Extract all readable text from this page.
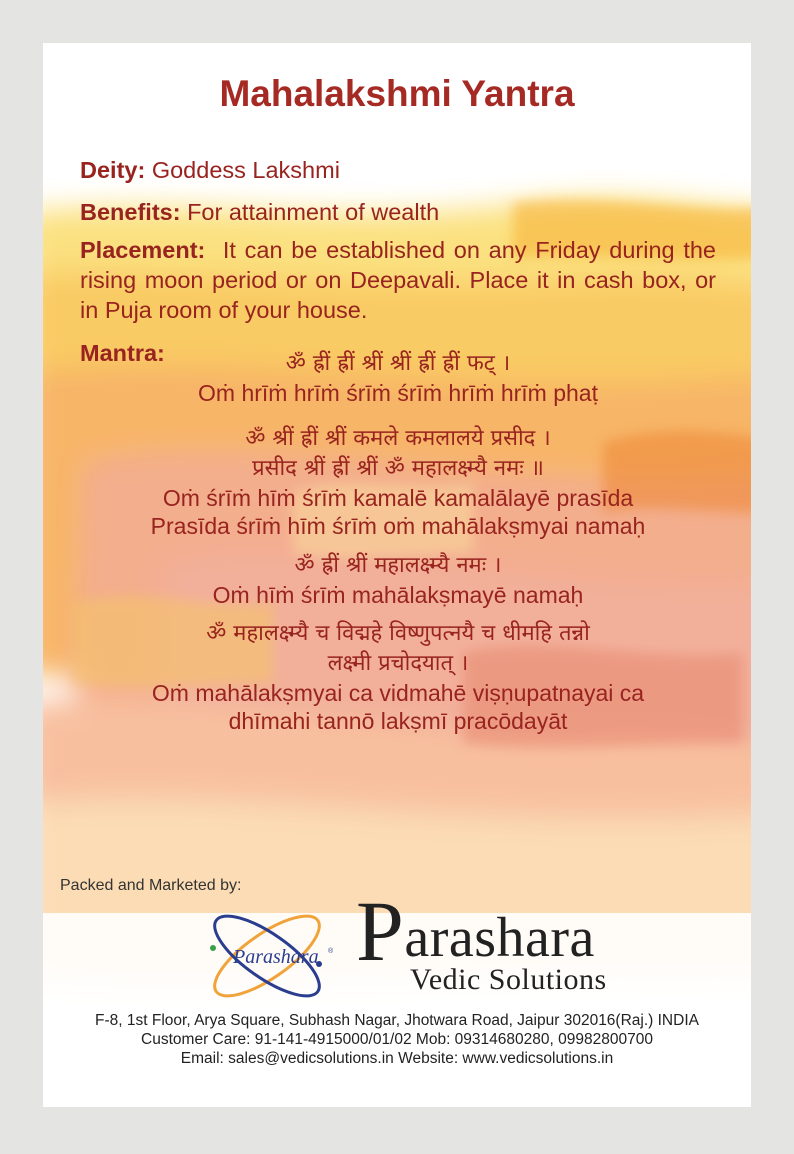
Mahalakshmi Yantra
Deity: Goddess Lakshmi
Benefits: For attainment of wealth
Placement: It can be established on any Friday during the rising moon period or on Deepavali. Place it in cash box, or in Puja room of your house.
Mantra:	ॐ ह्रीं ह्रीं श्रीं श्रीं ह्रीं ह्रीं फट् ।
Oṁ hrīṁ hrīṁ śrīṁ śrīṁ hrīṁ hrīṁ phaṭ
ॐ श्रीं ह्रीं श्रीं कमले कमलालये प्रसीद ।
प्रसीद श्रीं ह्रीं श्रीं ॐ महालक्ष्म्यै नमः ॥
Oṁ śrīṁ hīṁ śrīṁ kamalē kamalālayē prasīda
Prasīda śrīṁ hīṁ śrīṁ oṁ mahālakṣmyai namaḥ
ॐ ह्रीं श्रीं महालक्ष्म्यै नमः ।
Oṁ hīṁ śrīṁ mahālakṣmayē namaḥ
ॐ महालक्ष्म्यै च विद्महे विष्णुपत्नयै च धीमहि तन्नो
लक्ष्मी प्रचोदयात् ।
Oṁ mahālakṣmyai ca vidmahē viṣṇupatnayai ca
dhīmahi tannō lakṣmī pracōdayāt
Packed and Marketed by:
Parashara ® Parashara
Vedic Solutions
F-8, 1st Floor, Arya Square, Subhash Nagar, Jhotwara Road, Jaipur 302016(Raj.) INDIA
Customer Care: 91-141-4915000/01/02 Mob: 09314680280, 09982800700
Email: sales@vedicsolutions.in Website: www.vedicsolutions.in
